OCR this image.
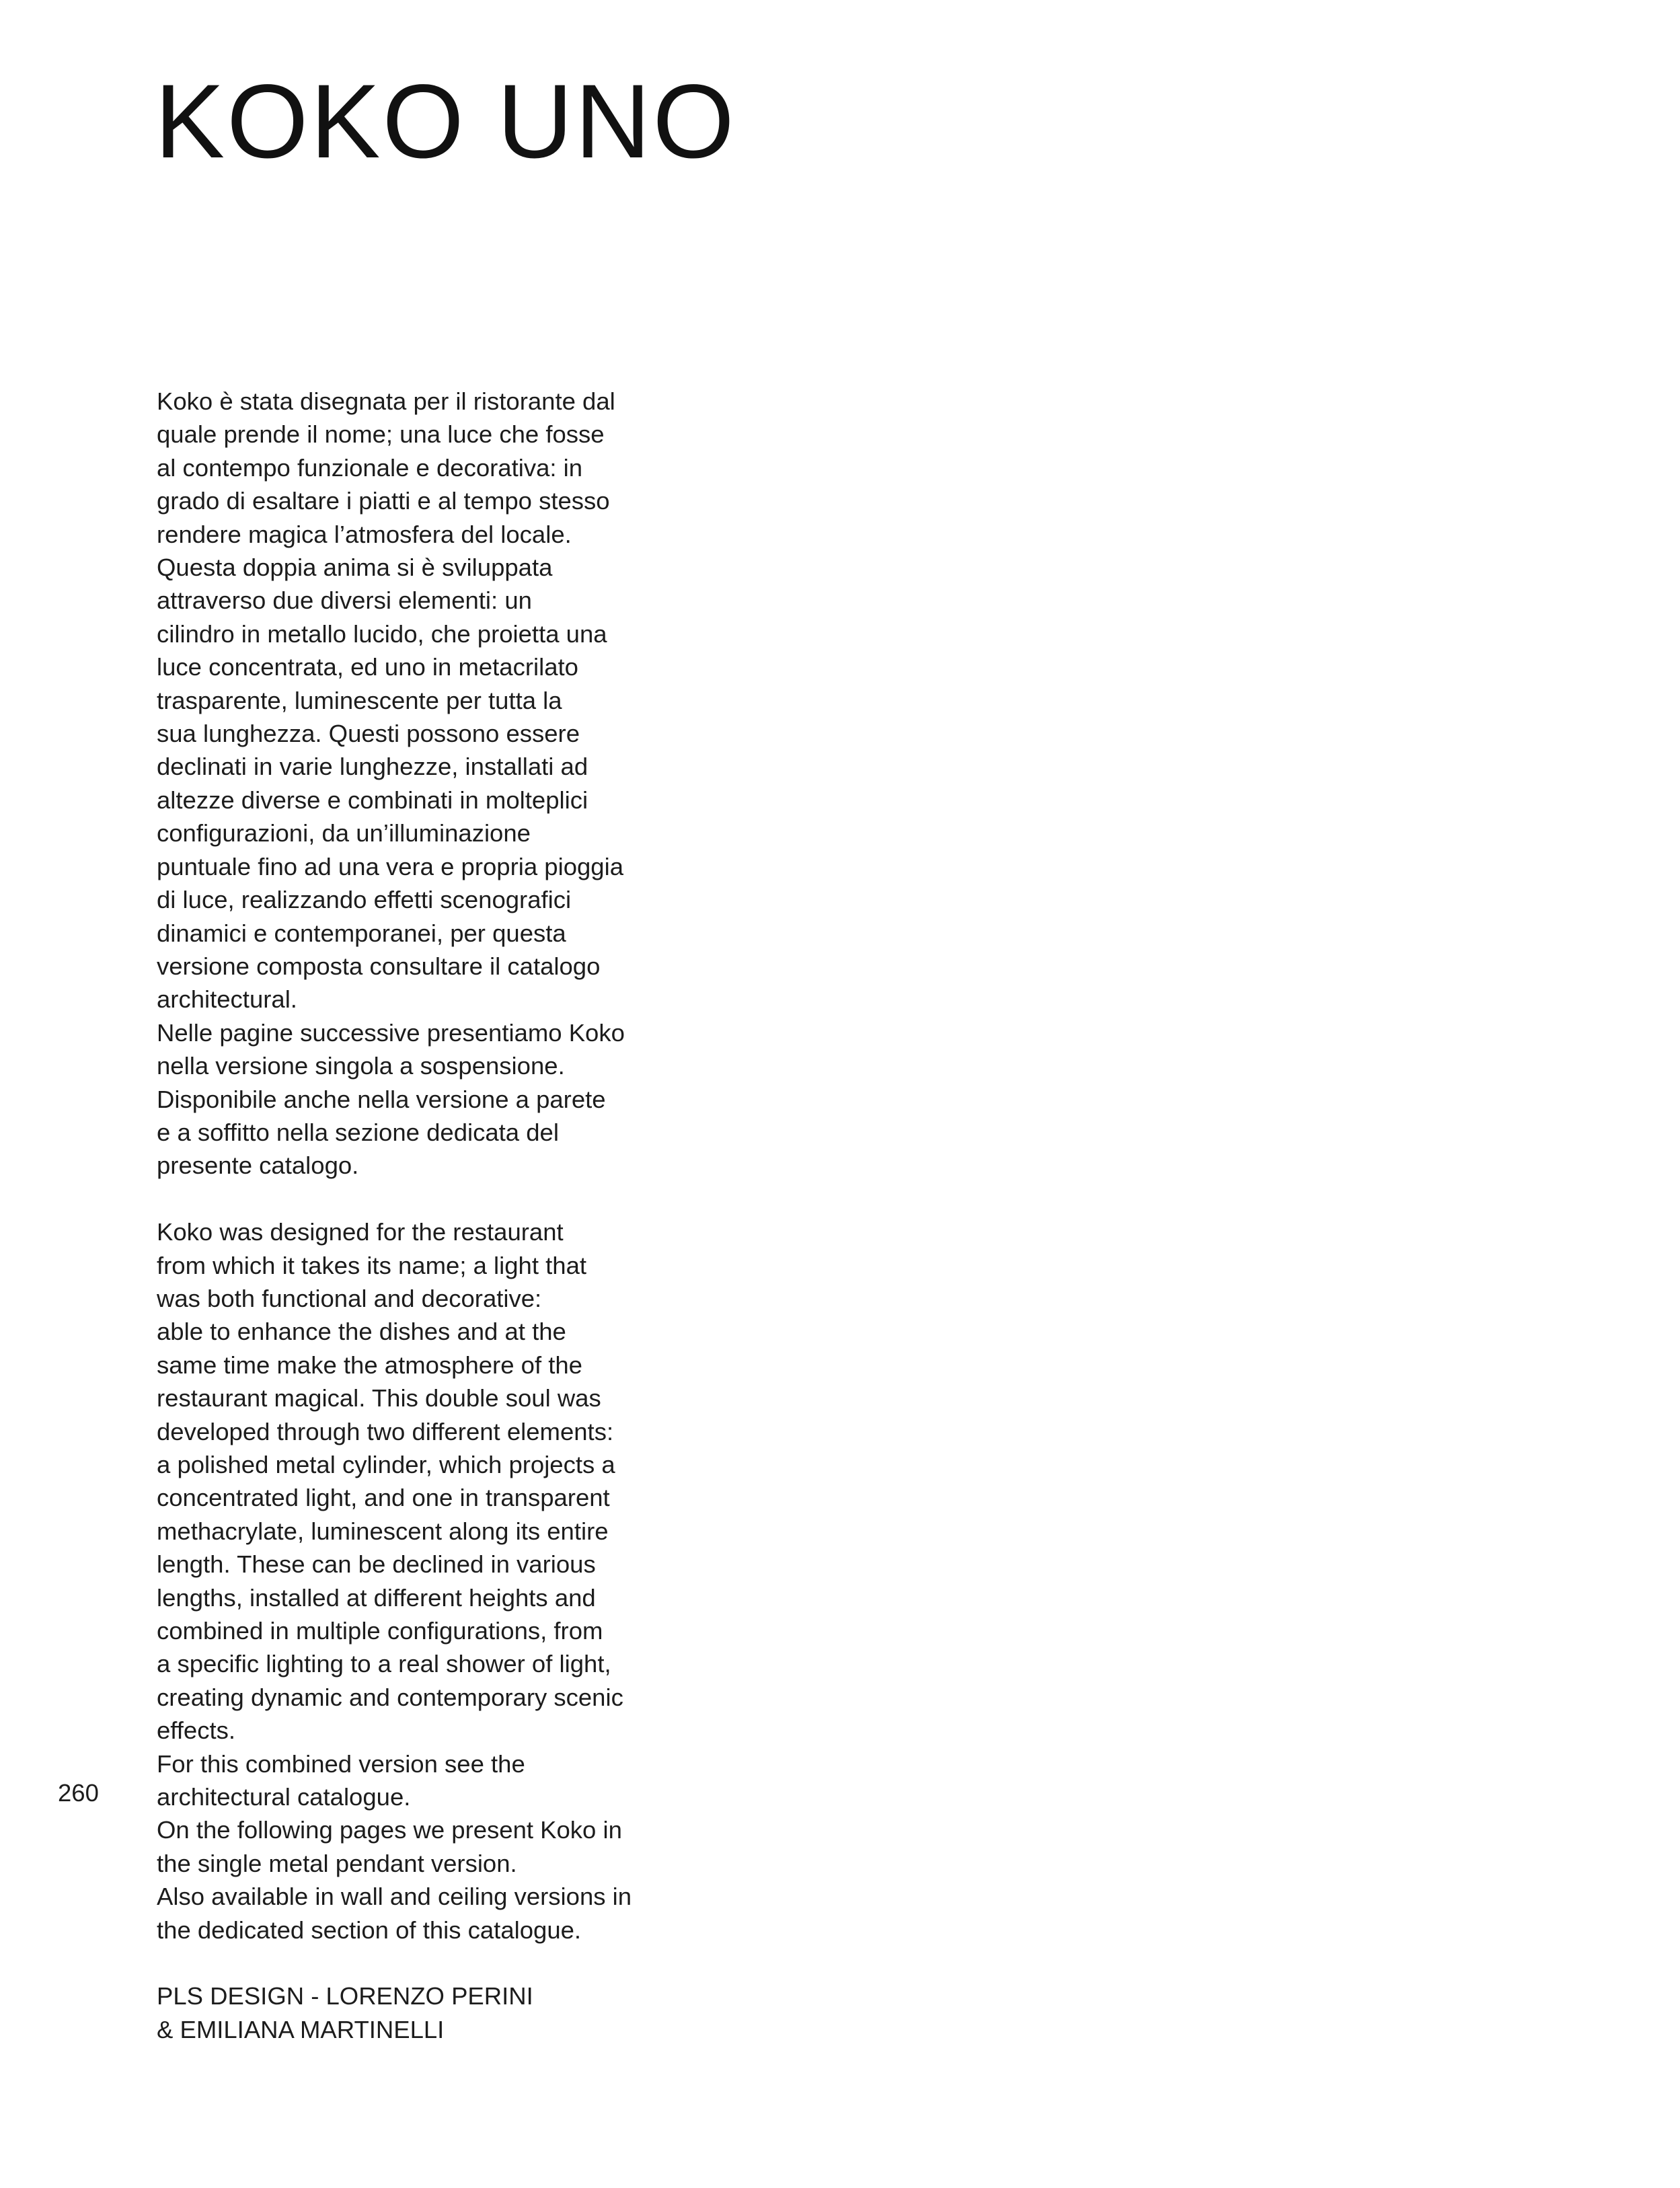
KOKO UNO
Koko è stata disegnata per il ristorante dal
quale prende il nome; una luce che fosse
al contempo funzionale e decorativa: in
grado di esaltare i piatti e al tempo stesso
rendere magica l’atmosfera del locale.
Questa doppia anima si è sviluppata
attraverso due diversi elementi: un
cilindro in metallo lucido, che proietta una
luce concentrata, ed uno in metacrilato
trasparente, luminescente per tutta la
sua lunghezza. Questi possono essere
declinati in varie lunghezze, installati ad
altezze diverse e combinati in molteplici
configurazioni, da un’illuminazione
puntuale fino ad una vera e propria pioggia
di luce, realizzando effetti scenografici
dinamici e contemporanei, per questa
versione composta consultare il catalogo
architectural.
Nelle pagine successive presentiamo Koko
nella versione singola a sospensione.
Disponibile anche nella versione a parete
e a soffitto nella sezione dedicata del
presente catalogo.
Koko was designed for the restaurant
from which it takes its name; a light that
was both functional and decorative:
able to enhance the dishes and at the
same time make the atmosphere of the
restaurant magical. This double soul was
developed through two different elements:
a polished metal cylinder, which projects a
concentrated light, and one in transparent
methacrylate, luminescent along its entire
length. These can be declined in various
lengths, installed at different heights and
combined in multiple configurations, from
a specific lighting to a real shower of light,
creating dynamic and contemporary scenic
effects.
For this combined version see the
architectural catalogue.
On the following pages we present Koko in
the single metal pendant version.
Also available in wall and ceiling versions in
the dedicated section of this catalogue.
PLS DESIGN - LORENZO PERINI
& EMILIANA MARTINELLI
260
